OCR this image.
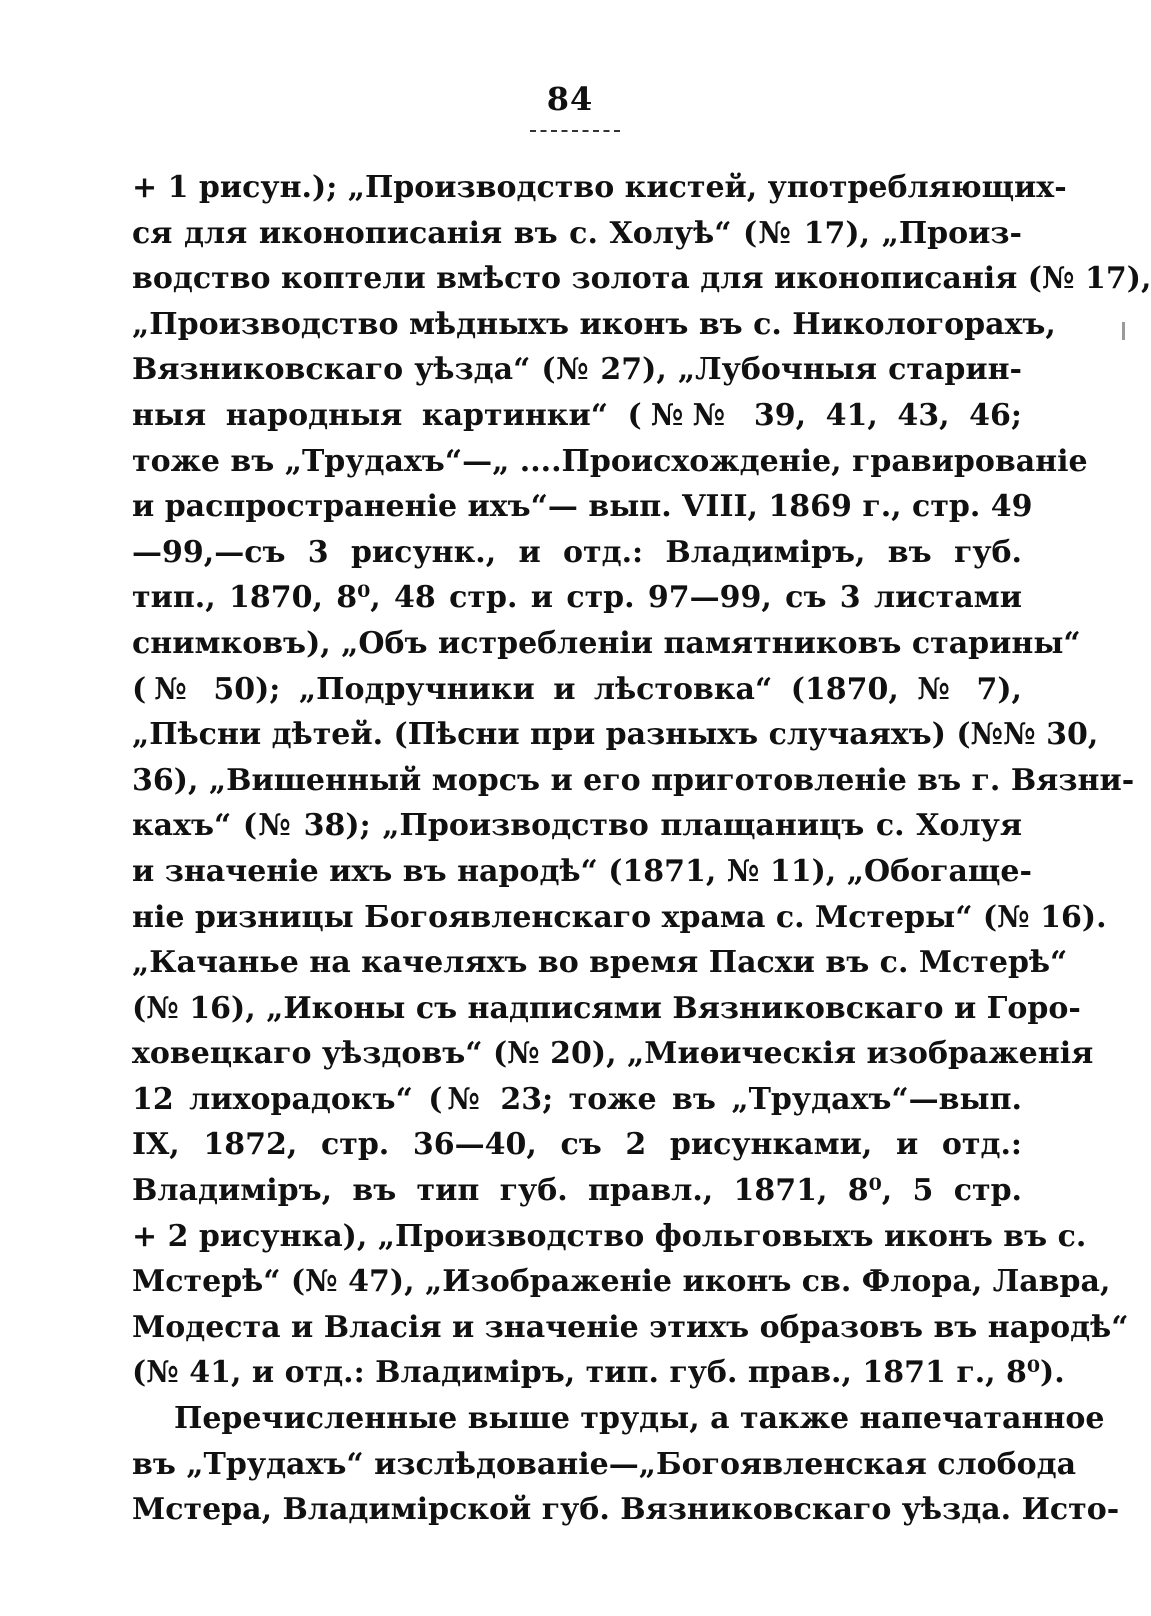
84
+ 1 рисун.); „Производство кистей, употребляющих-
ся для иконописанія въ с. Холуѣ“ (№ 17), „Произ-
водство коптели вмѣсто золота для иконописанія (№ 17),
„Производство мѣдныхъ иконъ въ с. Никологорахъ,
Вязниковскаго уѣзда“ (№ 27), „Лубочныя старин-
ныя народныя картинки“ (№№ 39, 41, 43, 46;
тоже въ „Трудахъ“—„ ....Происхожденіе, гравированіе
и распространеніе ихъ“— вып. VIII, 1869 г., стр. 49
—99,—съ 3 рисунк., и отд.: Владиміръ, въ губ.
тип., 1870, 8⁰, 48 стр. и стр. 97—99, съ 3 листами
снимковъ), „Объ истребленіи памятниковъ старины“
(№ 50); „Подручники и лѣстовка“ (1870, № 7),
„Пѣсни дѣтей. (Пѣсни при разныхъ случаяхъ) (№№ 30,
36), „Вишенный морсъ и его приготовленіе въ г. Вязни-
кахъ“ (№ 38); „Производство плащаницъ с. Холуя
и значеніе ихъ въ народѣ“ (1871, № 11), „Обогаще-
ніе ризницы Богоявленскаго храма с. Мстеры“ (№ 16).
„Качанье на качеляхъ во время Пасхи въ с. Мстерѣ“
(№ 16), „Иконы съ надписями Вязниковскаго и Горо-
ховецкаго уѣздовъ“ (№ 20), „Миѳическія изображенія
12 лихорадокъ“ (№ 23; тоже въ „Трудахъ“—вып.
IX, 1872, стр. 36—40, съ 2 рисунками, и отд.:
Владиміръ, въ тип губ. правл., 1871, 8⁰, 5 стр.
+ 2 рисунка), „Производство фольговыхъ иконъ въ с.
Мстерѣ“ (№ 47), „Изображеніе иконъ св. Флора, Лавра,
Модеста и Власія и значеніе этихъ образовъ въ народѣ“
(№ 41, и отд.: Владиміръ, тип. губ. прав., 1871 г., 8⁰).
Перечисленные выше труды, а также напечатанное
въ „Трудахъ“ изслѣдованіе—„Богоявленская слобода
Мстера, Владимірской губ. Вязниковскаго уѣзда. Исто-
